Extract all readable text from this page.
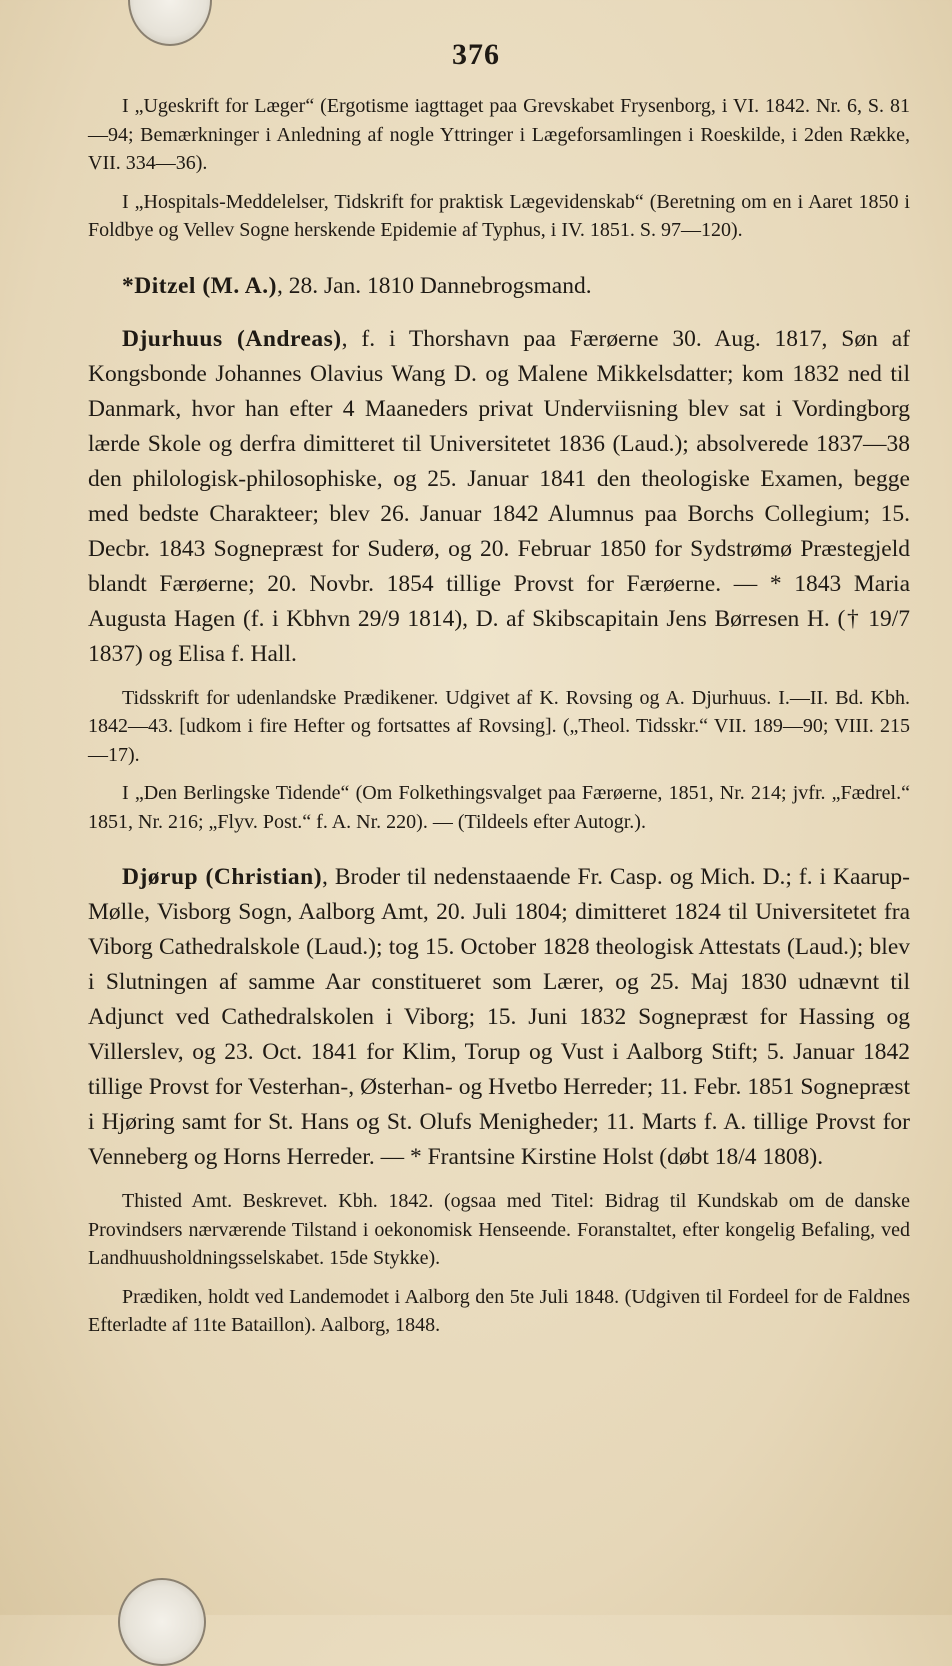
376

I „Ugeskrift for Læger“ (Ergotisme iagttaget paa Grevskabet Frysenborg, i VI. 1842. Nr. 6, S. 81—94; Bemærkninger i Anledning af nogle Yttringer i Lægeforsamlingen i Roeskilde, i 2den Række, VII. 334—36).

I „Hospitals-Meddelelser, Tidskrift for praktisk Lægevidenskab“ (Beretning om en i Aaret 1850 i Foldbye og Vellev Sogne herskende Epidemie af Typhus, i IV. 1851. S. 97—120).

*Ditzel (M. A.), 28. Jan. 1810 Dannebrogsmand.

Djurhuus (Andreas), f. i Thorshavn paa Færøerne 30. Aug. 1817, Søn af Kongsbonde Johannes Olavius Wang D. og Malene Mikkelsdatter; kom 1832 ned til Danmark, hvor han efter 4 Maaneders privat Underviisning blev sat i Vordingborg lærde Skole og derfra dimitteret til Universitetet 1836 (Laud.); absolverede 1837—38 den philologisk-philosophiske, og 25. Januar 1841 den theologiske Examen, begge med bedste Charakteer; blev 26. Januar 1842 Alumnus paa Borchs Collegium; 15. Decbr. 1843 Sognepræst for Suderø, og 20. Februar 1850 for Sydstrømø Præstegjeld blandt Færøerne; 20. Novbr. 1854 tillige Provst for Færøerne. — * 1843 Maria Augusta Hagen (f. i Kbhvn 29/9 1814), D. af Skibscapitain Jens Børresen H. († 19/7 1837) og Elisa f. Hall.

Tidsskrift for udenlandske Prædikener. Udgivet af K. Rovsing og A. Djurhuus. I.—II. Bd. Kbh. 1842—43. [udkom i fire Hefter og fortsattes af Rovsing]. („Theol. Tidsskr.“ VII. 189—90; VIII. 215—17).

I „Den Berlingske Tidende“ (Om Folkethingsvalget paa Færøerne, 1851, Nr. 214; jvfr. „Fædrel.“ 1851, Nr. 216; „Flyv. Post.“ f. A. Nr. 220). — (Tildeels efter Autogr.).

Djørup (Christian), Broder til nedenstaaende Fr. Casp. og Mich. D.; f. i Kaarup-Mølle, Visborg Sogn, Aalborg Amt, 20. Juli 1804; dimitteret 1824 til Universitetet fra Viborg Cathedralskole (Laud.); tog 15. October 1828 theologisk Attestats (Laud.); blev i Slutningen af samme Aar constitueret som Lærer, og 25. Maj 1830 udnævnt til Adjunct ved Cathedralskolen i Viborg; 15. Juni 1832 Sognepræst for Hassing og Villerslev, og 23. Oct. 1841 for Klim, Torup og Vust i Aalborg Stift; 5. Januar 1842 tillige Provst for Vesterhan-, Østerhan- og Hvetbo Herreder; 11. Febr. 1851 Sognepræst i Hjøring samt for St. Hans og St. Olufs Menigheder; 11. Marts f. A. tillige Provst for Venneberg og Horns Herreder. — * Frantsine Kirstine Holst (døbt 18/4 1808).

Thisted Amt. Beskrevet. Kbh. 1842. (ogsaa med Titel: Bidrag til Kundskab om de danske Provindsers nærværende Tilstand i oekonomisk Henseende. Foranstaltet, efter kongelig Befaling, ved Landhuusholdningsselskabet. 15de Stykke).

Prædiken, holdt ved Landemodet i Aalborg den 5te Juli 1848. (Udgiven til Fordeel for de Faldnes Efterladte af 11te Bataillon). Aalborg, 1848.
